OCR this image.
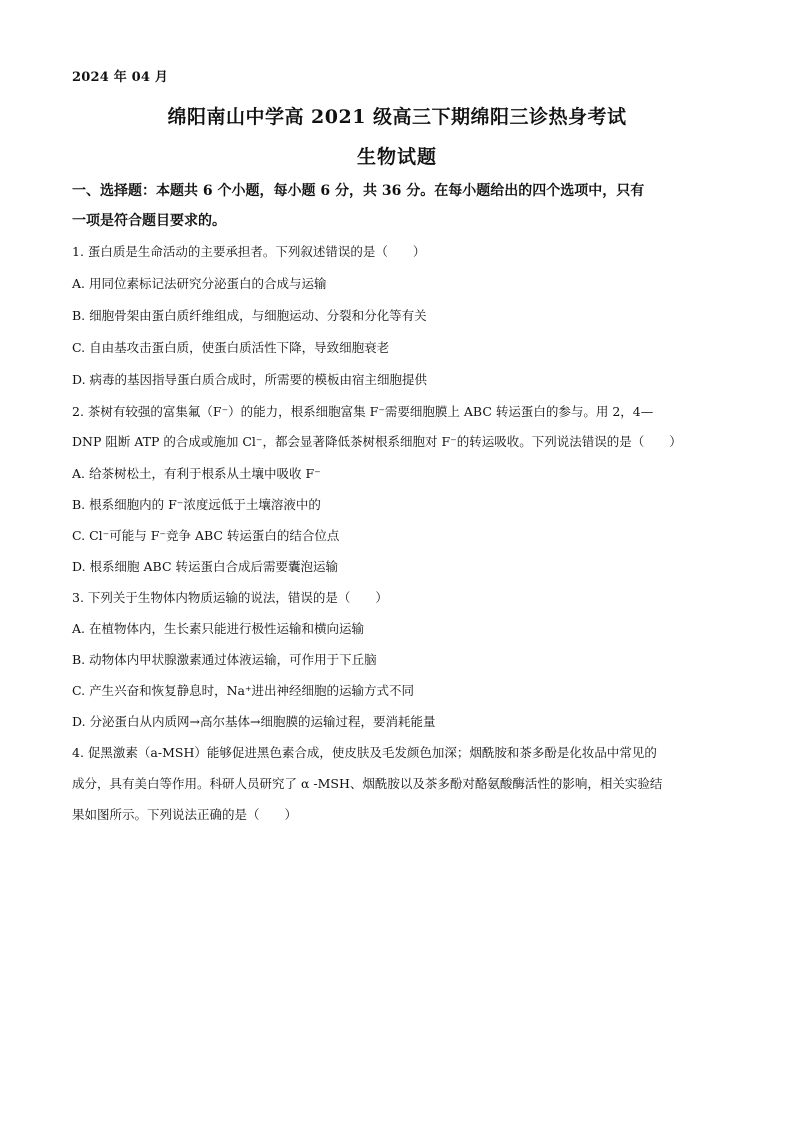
2024 年 04 月
绵阳南山中学高 2021 级高三下期绵阳三诊热身考试
生物试题
一、选择题：本题共 6 个小题，每小题 6 分，共 36 分。在每小题给出的四个选项中，只有
一项是符合题目要求的。
1. 蛋白质是生命活动的主要承担者。下列叙述错误的是（　　）
A. 用同位素标记法研究分泌蛋白的合成与运输
B. 细胞骨架由蛋白质纤维组成，与细胞运动、分裂和分化等有关
C. 自由基攻击蛋白质，使蛋白质活性下降，导致细胞衰老
D. 病毒的基因指导蛋白质合成时，所需要的模板由宿主细胞提供
2. 茶树有较强的富集氟（F⁻）的能力，根系细胞富集 F⁻需要细胞膜上 ABC 转运蛋白的参与。用 2，4—
DNP 阻断 ATP 的合成或施加 Cl⁻，都会显著降低茶树根系细胞对 F⁻的转运吸收。下列说法错误的是（　　）
A. 给茶树松土，有利于根系从土壤中吸收 F⁻
B. 根系细胞内的 F⁻浓度远低于土壤溶液中的
C. Cl⁻可能与 F⁻竞争 ABC 转运蛋白的结合位点
D. 根系细胞 ABC 转运蛋白合成后需要囊泡运输
3. 下列关于生物体内物质运输的说法，错误的是（　　）
A. 在植物体内，生长素只能进行极性运输和横向运输
B. 动物体内甲状腺激素通过体液运输，可作用于下丘脑
C. 产生兴奋和恢复静息时，Na⁺进出神经细胞的运输方式不同
D. 分泌蛋白从内质网→高尔基体→细胞膜的运输过程，要消耗能量
4. 促黑激素（a-MSH）能够促进黑色素合成，使皮肤及毛发颜色加深；烟酰胺和茶多酚是化妆品中常见的
成分，具有美白等作用。科研人员研究了 α -MSH、烟酰胺以及茶多酚对酪氨酸酶活性的影响，相关实验结
果如图所示。下列说法正确的是（　　）
